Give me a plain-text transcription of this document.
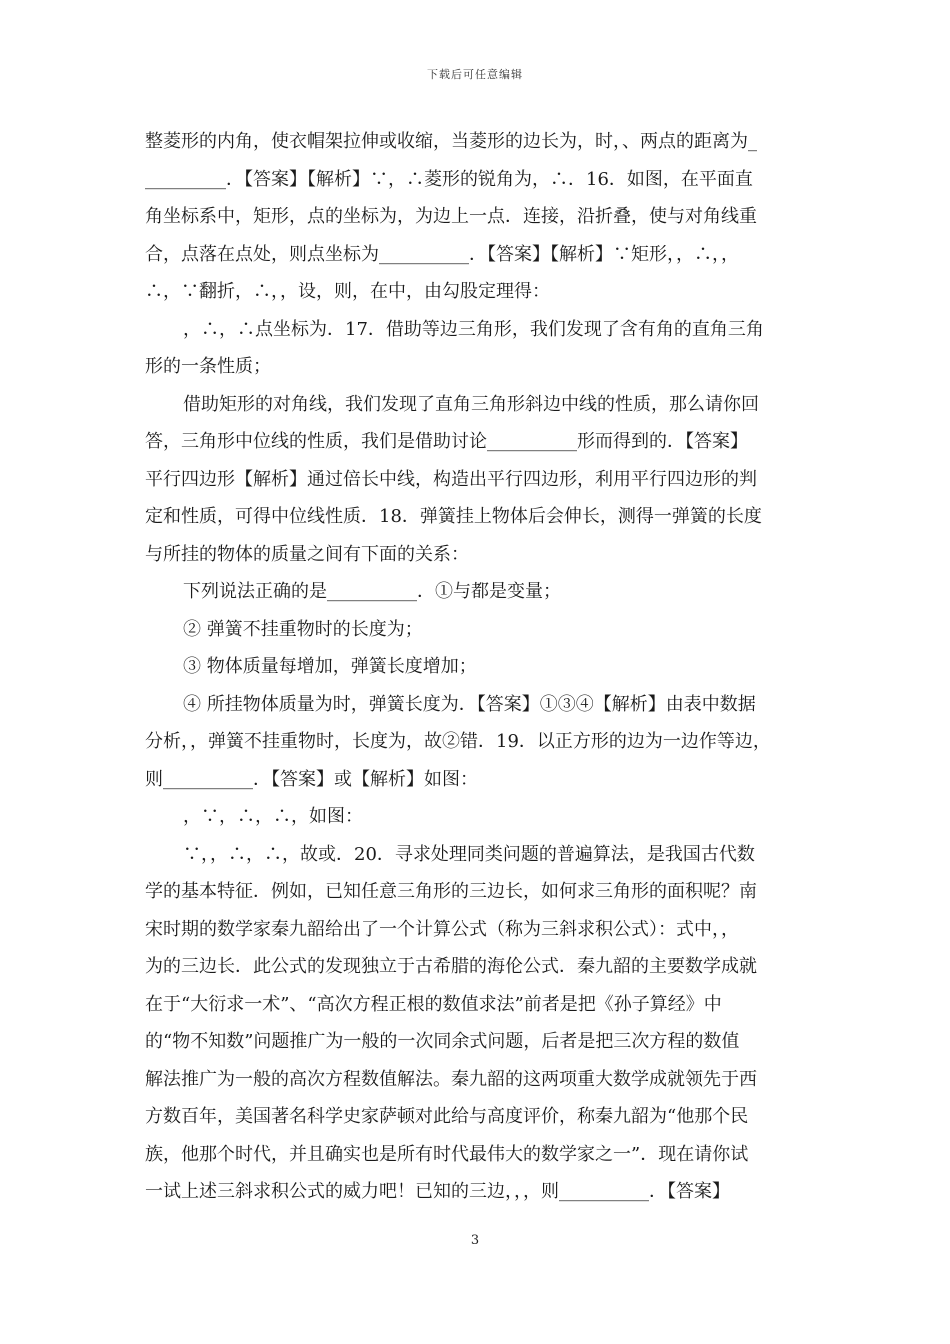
下载后可任意编辑
整菱形的内角，使衣帽架拉伸或收缩，当菱形的边长为，时，、两点的距离为_
_________．【答案】【解析】∵，∴菱形的锐角为，∴．16．如图，在平面直
角坐标系中，矩形，点的坐标为，为边上一点．连接，沿折叠，使与对角线重
合，点落在点处，则点坐标为__________．【答案】【解析】∵矩形，，∴，，
∴，∵翻折，∴，，设，则，在中，由勾股定理得：
，∴，∴点坐标为．17．借助等边三角形，我们发现了含有角的直角三角
形的一条性质；
借助矩形的对角线，我们发现了直角三角形斜边中线的性质，那么请你回
答，三角形中位线的性质，我们是借助讨论__________形而得到的．【答案】
平行四边形【解析】通过倍长中线，构造出平行四边形，利用平行四边形的判
定和性质，可得中位线性质．18．弹簧挂上物体后会伸长，测得一弹簧的长度
与所挂的物体的质量之间有下面的关系：
下列说法正确的是__________．①与都是变量；
② 弹簧不挂重物时的长度为；
③ 物体质量每增加，弹簧长度增加；
④ 所挂物体质量为时，弹簧长度为．【答案】①③④【解析】由表中数据
分析，，弹簧不挂重物时，长度为，故②错．19．以正方形的边为一边作等边，
则__________．【答案】或【解析】如图：
，∵，∴，∴，如图：
∵，，∴，∴，故或．20．寻求处理同类问题的普遍算法，是我国古代数
学的基本特征．例如，已知任意三角形的三边长，如何求三角形的面积呢？南
宋时期的数学家秦九韶给出了一个计算公式（称为三斜求积公式）：式中，，
为的三边长．此公式的发现独立于古希腊的海伦公式．秦九韶的主要数学成就
在于“大衍求一术”、“高次方程正根的数值求法”前者是把《孙子算经》中
的“物不知数”问题推广为一般的一次同余式问题，后者是把三次方程的数值
解法推广为一般的高次方程数值解法。秦九韶的这两项重大数学成就领先于西
方数百年，美国著名科学史家萨顿对此给与高度评价，称秦九韶为“他那个民
族，他那个时代，并且确实也是所有时代最伟大的数学家之一”．现在请你试
一试上述三斜求积公式的威力吧！已知的三边，，，则__________．【答案】
3
